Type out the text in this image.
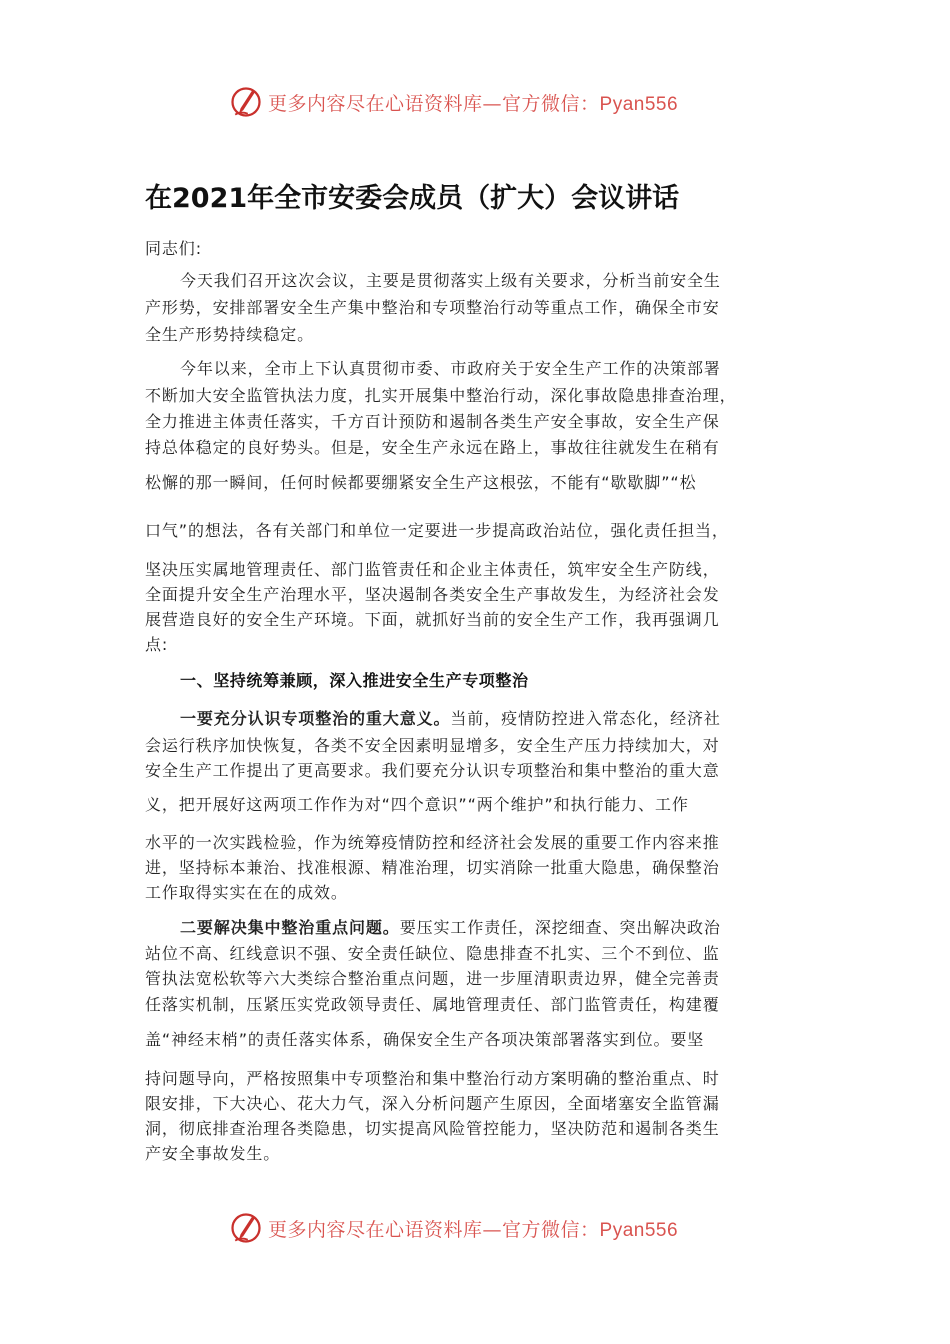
更多内容尽在心语资料库—官方微信：Pyan556
在2021年全市安委会成员（扩大）会议讲话
同志们:
今天我们召开这次会议，主要是贯彻落实上级有关要求，分析当前安全生
产形势，安排部署安全生产集中整治和专项整治行动等重点工作，确保全市安
全生产形势持续稳定。
今年以来，全市上下认真贯彻市委、市政府关于安全生产工作的决策部署
不断加大安全监管执法力度，扎实开展集中整治行动，深化事故隐患排查治理，
全力推进主体责任落实，千方百计预防和遏制各类生产安全事故，安全生产保
持总体稳定的良好势头。但是，安全生产永远在路上，事故往往就发生在稍有
松懈的那一瞬间，任何时候都要绷紧安全生产这根弦，不能有“歇歇脚”“松
口气”的想法，各有关部门和单位一定要进一步提高政治站位，强化责任担当，
坚决压实属地管理责任、部门监管责任和企业主体责任，筑牢安全生产防线，
全面提升安全生产治理水平，坚决遏制各类安全生产事故发生，为经济社会发
展营造良好的安全生产环境。下面，就抓好当前的安全生产工作，我再强调几
点:
一、坚持统筹兼顾，深入推进安全生产专项整治
一要充分认识专项整治的重大意义。当前，疫情防控进入常态化，经济社
会运行秩序加快恢复，各类不安全因素明显增多，安全生产压力持续加大，对
安全生产工作提出了更高要求。我们要充分认识专项整治和集中整治的重大意
义，把开展好这两项工作作为对“四个意识”“两个维护”和执行能力、工作
水平的一次实践检验，作为统筹疫情防控和经济社会发展的重要工作内容来推
进，坚持标本兼治、找准根源、精准治理，切实消除一批重大隐患，确保整治
工作取得实实在在的成效。
二要解决集中整治重点问题。要压实工作责任，深挖细查、突出解决政治
站位不高、红线意识不强、安全责任缺位、隐患排查不扎实、三个不到位、监
管执法宽松软等六大类综合整治重点问题，进一步厘清职责边界，健全完善责
任落实机制，压紧压实党政领导责任、属地管理责任、部门监管责任，构建覆
盖“神经末梢”的责任落实体系，确保安全生产各项决策部署落实到位。要坚
持问题导向，严格按照集中专项整治和集中整治行动方案明确的整治重点、时
限安排，下大决心、花大力气，深入分析问题产生原因，全面堵塞安全监管漏
洞，彻底排查治理各类隐患，切实提高风险管控能力，坚决防范和遏制各类生
产安全事故发生。
更多内容尽在心语资料库—官方微信：Pyan556
